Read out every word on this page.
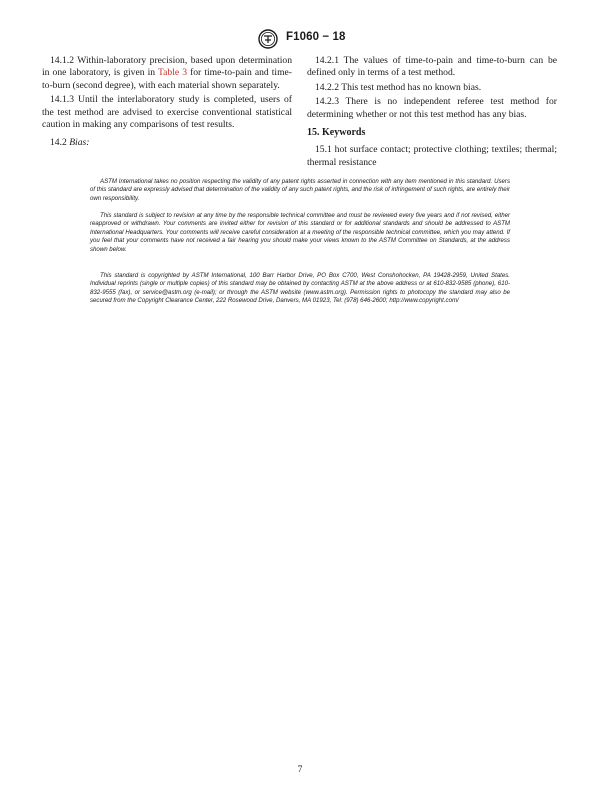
F1060 − 18

14.1.2 Within-laboratory precision, based upon determination in one laboratory, is given in Table 3 for time-to-pain and time-to-burn (second degree), with each material shown separately.

14.1.3 Until the interlaboratory study is completed, users of the test method are advised to exercise conventional statistical caution in making any comparisons of test results.

14.2 Bias:

14.2.1 The values of time-to-pain and time-to-burn can be defined only in terms of a test method.

14.2.2 This test method has no known bias.

14.2.3 There is no independent referee test method for determining whether or not this test method has any bias.

15. Keywords

15.1 hot surface contact; protective clothing; textiles; thermal; thermal resistance

ASTM International takes no position respecting the validity of any patent rights asserted in connection with any item mentioned in this standard. Users of this standard are expressly advised that determination of the validity of any such patent rights, and the risk of infringement of such rights, are entirely their own responsibility.

This standard is subject to revision at any time by the responsible technical committee and must be reviewed every five years and if not revised, either reapproved or withdrawn. Your comments are invited either for revision of this standard or for additional standards and should be addressed to ASTM International Headquarters. Your comments will receive careful consideration at a meeting of the responsible technical committee, which you may attend. If you feel that your comments have not received a fair hearing you should make your views known to the ASTM Committee on Standards, at the address shown below.

This standard is copyrighted by ASTM International, 100 Barr Harbor Drive, PO Box C700, West Conshohocken, PA 19428-2959, United States. Individual reprints (single or multiple copies) of this standard may be obtained by contacting ASTM at the above address or at 610-832-9585 (phone), 610-832-9555 (fax), or service@astm.org (e-mail); or through the ASTM website (www.astm.org). Permission rights to photocopy the standard may also be secured from the Copyright Clearance Center, 222 Rosewood Drive, Danvers, MA 01923, Tel: (978) 646-2600; http://www.copyright.com/

7
